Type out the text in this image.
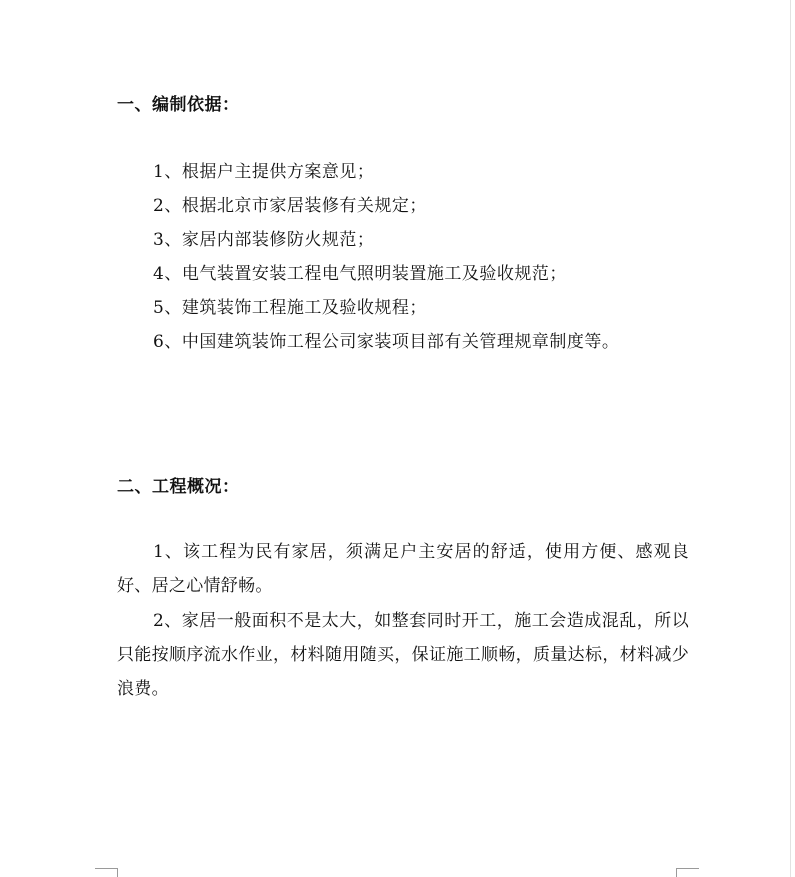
一、编制依据：
1、根据户主提供方案意见；
2、根据北京市家居装修有关规定；
3、家居内部装修防火规范；
4、电气装置安装工程电气照明装置施工及验收规范；
5、建筑装饰工程施工及验收规程；
6、中国建筑装饰工程公司家装项目部有关管理规章制度等。
二、工程概况：

1、该工程为民有家居，须满足户主安居的舒适，使用方便、感观良好、居之心情舒畅。

2、家居一般面积不是太大，如整套同时开工，施工会造成混乱，所以只能按顺序流水作业，材料随用随买，保证施工顺畅，质量达标，材料减少浪费。
